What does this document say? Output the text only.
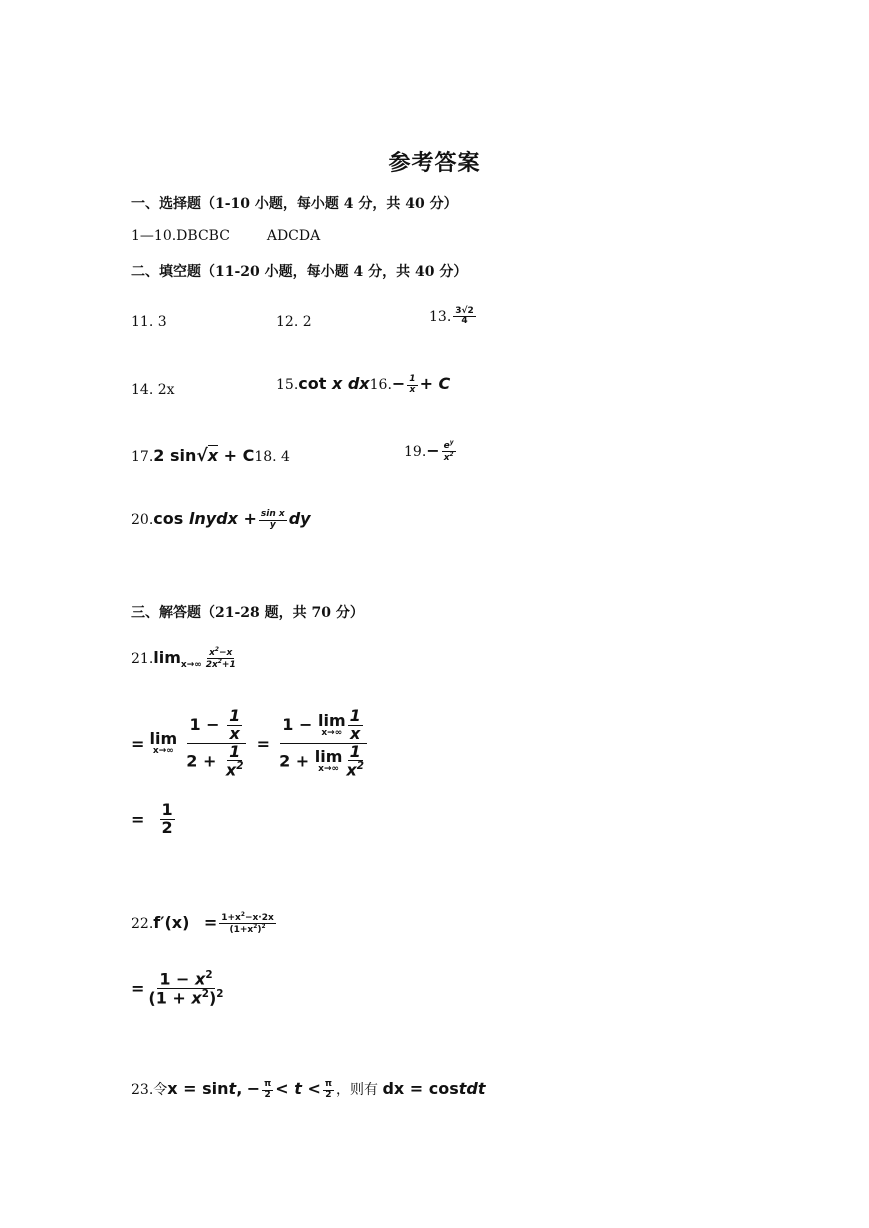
参考答案
一、选择题（1-10 小题，每小题 4 分，共 40 分）
1—10.DBCBC	ADCDA
二、填空题（11-20 小题，每小题 4 分，共 40 分）
11. 3	12. 2	13. $\frac{3√2}{4}$
14. 2x	15.cot x $dx16.- \frac{1}{x} + C$
17.2 sin√x + C18. 4	$19.- \frac{e^y}{x^2}$
20.cos lnydx + $\frac{\text{sin x}}{y}$ dy
三、解答题（21-28 题，共 70 分）
$21.\lim_{x\to\infty} \frac{x^2-x}{2x^2+1}$
= lim
x→∞
$\frac{1 - \frac{1}{x}}{2 + \frac{1}{x^2}} = 1 - \lim$
$x\to\infty \frac{1}{x}$
2 + lim
$x\to\infty \frac{1}{x^2}$
= $\frac{1}{2}$
$22.f'(x) = \frac{1+x^2-x\cdot 2x}{(1+x^2)^2}$
= $\frac{1 - x^2}{(1 + x^2)^2}$
23.令x = sint, − $\frac{\pi}{2} < t < \frac{\pi}{2}$ ，则有 dx = costdt
